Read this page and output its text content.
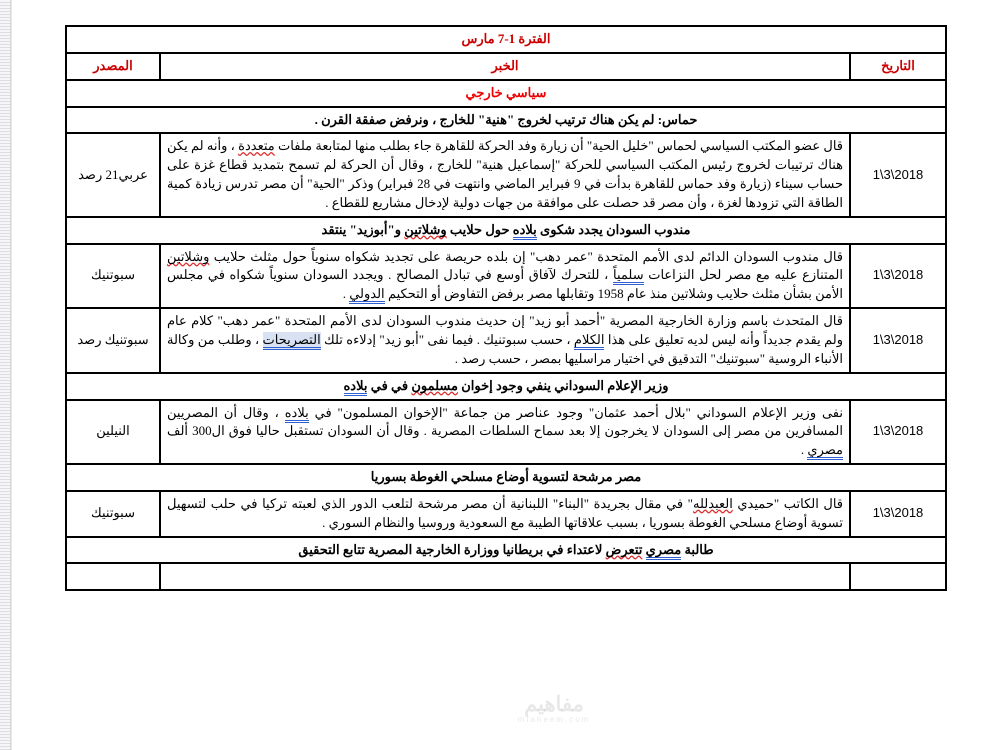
الفترة 1-7 مارس		
التاريخ	الخبر	المصدر
سياسي خارجي		
حماس: لم يكن هناك ترتيب لخروج "هنية" للخارج ، ونرفض صفقة القرن .		
1\3\2018	قال عضو المكتب السياسي لحماس "خليل الحية" أن زيارة وفد الحركة للقاهرة جاء بطلب منها لمتابعة ملفات متعددة ، وأنه لم يكن هناك ترتيبات لخروج رئيس المكتب السياسي للحركة "إسماعيل هنية" للخارج ، وقال أن الحركة لم تسمح بتمديد قطاع غزة على حساب سيناء (زيارة وفد حماس للقاهرة بدأت في 9 فبراير الماضي وانتهت في 28 فبراير) وذكر "الحية" أن مصر تدرس زيادة كمية الطاقة التي تزودها لغزة ، وأن مصر قد حصلت على موافقة من جهات دولية لإدخال مشاريع للقطاع .	عربي21 رصد
مندوب السودان يجدد شكوى بلاده حول حلايب وشلاتين و"أبوزيد" ينتقد		
1\3\2018	قال مندوب السودان الدائم لدى الأمم المتحدة "عمر دهب" إن بلده حريصة على تجديد شكواه سنوياً حول مثلث حلايب وشلاتين المتنازع عليه مع مصر لحل النزاعات سلمياً ، للتحرك لآفاق أوسع في تبادل المصالح . ويجدد السودان سنوياً شكواه في مجلس الأمن بشأن مثلث حلايب وشلاتين منذ عام 1958 وتقابلها مصر برفض التفاوض أو التحكيم الدولي .	سبوتنيك
1\3\2018	قال المتحدث باسم وزارة الخارجية المصرية "أحمد أبو زيد" إن حديث مندوب السودان لدى الأمم المتحدة "عمر دهب" كلام عام ولم يقدم جديداً وأنه ليس لديه تعليق على هذا الكلام ، حسب سبوتنيك . فيما نفى "أبو زيد" إدلاءه تلك التصريحات ، وطلب من وكالة الأنباء الروسية "سبوتنيك" التدقيق في اختيار مراسليها بمصر ، حسب رصد .	سبوتنيك رصد
وزير الإعلام السوداني ينفي وجود إخوان مسلمون في في بلاده		
1\3\2018	نفى وزير الإعلام السوداني "بلال أحمد عثمان" وجود عناصر من جماعة "الإخوان المسلمون" في بلاده ، وقال أن المصريين المسافرين من مصر إلى السودان لا يخرجون إلا بعد سماح السلطات المصرية . وقال أن السودان تستقبل حاليا فوق ال300 ألف مصري .	النيلين
مصر مرشحة لتسوية أوضاع مسلحي الغوطة بسوريا		
1\3\2018	قال الكاتب "حميدي العبدلله" في مقال بجريدة "البناء" اللبنانية أن مصر مرشحة لتلعب الدور الذي لعبته تركيا في حلب لتسهيل تسوية أوضاع مسلحي الغوطة بسوريا ، بسبب علاقاتها الطيبة مع السعودية وروسيا والنظام السوري .	سبوتنيك
طالبة مصري تتعرض لاعتداء في بريطانيا ووزارة الخارجية المصرية تتابع التحقيق		

مفاهيم
mfaheem.com
